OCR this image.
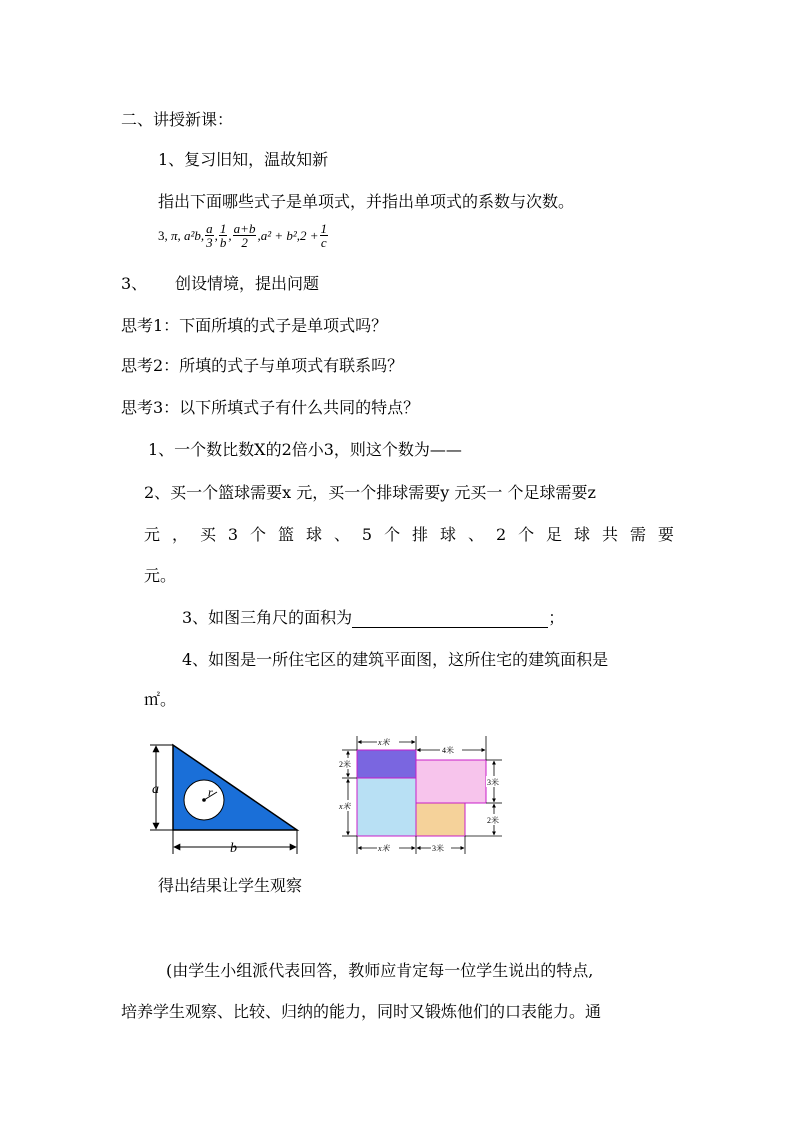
二、讲授新课：
1、复习旧知，温故知新
指出下面哪些式子是单项式，并指出单项式的系数与次数。
3,
π,
a²b, $\frac{a}{3}$ , $\frac{1}{b}$ , $\frac{a+b}{2} ,a^2 + b^2,2 + \frac{1}{c}$
3、 创设情境，提出问题
思考1：下面所填的式子是单项式吗？
思考2：所填的式子与单项式有联系吗？
思考3：以下所填式子有什么共同的特点？
1、一个数比数X的2倍小3，则这个数为——
2、买一个篮球需要x 元，买一个排球需要y 元买一 个足球需要z
元 ， 买 3 个 篮 球 、 5 个 排 球 、 2 个 足 球 共 需 要
元。
3、如图三角尺的面积为	；
4、如图是一所住宅区的建筑平面图，这所住宅的建筑面积是
㎡。
r
a
b
x米
4米
2米
x米
3米
2米
x米	3米
得出结果让学生观察
(由学生小组派代表回答，教师应肯定每一位学生说出的特点,
培养学生观察、比较、归纳的能力，同时又锻炼他们的口表能力。通
